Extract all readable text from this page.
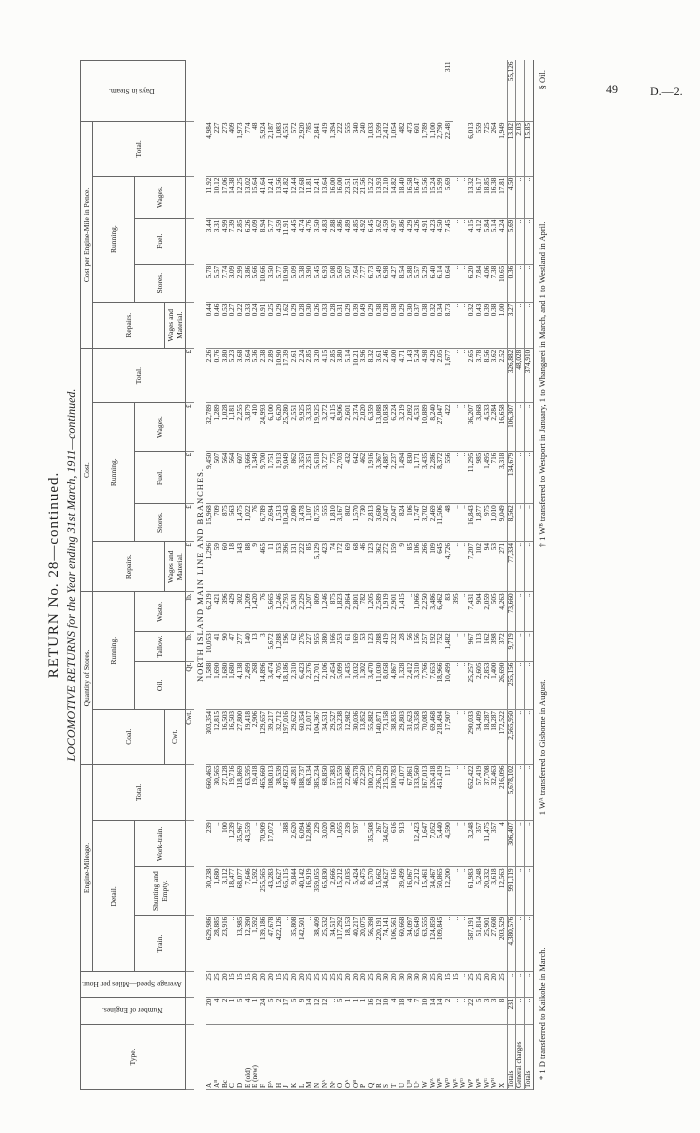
49	D.—2.
RETURN No. 28—continued. LOCOMOTIVE RETURNS for the Year ending 31st March, 1911—continued.
Type.	Number of Engines.	Average Speed—Miles per Hour.	Engine-Mileage.				Quantity of Stores.				Cost.					Cost per Engine-Mile in Pence.					Days in Steam.
			Detail.			Total.	Coal.	Running.			Repairs.	Running.			Total.	Repairs.	Running.			Total.	
			Train.	Shunting and Empty.	Work-train.			Oil.	Tallow.	Waste.		Stores.	Fuel.	Wages.			Stores.	Fuel.	Wages.		
							Cwt.				Wages and Material.					Wages and Material.					
							Cwt.	Qt.	lb.	lb.	£	£	£	£	£						
NORTH ISLAND MAIN LINE AND BRANCHES.																					
A	20	25	629,986	30,238	239	660,463	303,354	1,588	10,053	6,219	1,296	15,968	9,450	32,789	2.26	0.44	5.78	3.44	11.92	4,984	
Aᴮ	4	25	28,885	1,680	..	30,565	12,815	1,690	41	421	59	709	507	1,289	0.76	0.46	5.57	3.31	10.12	227	
Bc	2	20	23,916	3,112	100	27,128	16,503	1,680	90	396	60	875	564	1,028	3.80	0.53	7.74	4.99	17.06	273	
C	1	15	..	18,477	1,239	19,716	16,503	1,680	47	429	18	563	564	1,181	5.23	0.27	3.09	7.39	14.38	409	
D	5	15	13,985	68,077	35,967	118,869	27,800	4,138	277	302	143	1,475	607	2,255	3.68	0.22	2.99	2.85	12.25	1,973	
E (old)	4	15	12,390	7,646	43,559	63,595	19,418	2,499	140	1,209	88	1,022	3,666	3,879	3.64	0.33	3.86	6.26	13.02	774	
E (new)	1	20	1,592	1,592	..	19,418	2,906	268	13	1,420	9	76	1,349	410	5.36	0.24	5.66	4.09	15.64	48	
F	24	20	139,186	255,565	70,909	465,660	129,657	14,896	3	76	465	6,789	9,700	24,993	2.38	0.91	10.66	8.94	41.64	5,924	
Fᴬ	5	20	47,678	43,283	17,072	108,013	39,217	3,474	5,672	5,665	11	2,694	1,751	6,100	2.89	0.25	3.50	5.77	12.41	2,187	
H	2	15	422,126	15,627	..	38,539	32,712	4,705	1,288	1,246	153	1,513	1,913	6,620	10.90	0.29	5.77	4.59	13.56	1,083	
J	17	25	..	65,115	388	497,623	197,016	18,186	196	2,793	396	10,343	9,049	25,280	17.39	1.62	10.90	11.91	41.82	4,551	
K	5	20	35,808	9,844	2,620	48,281	29,622	2,310	62	5,301	131	2,080	862	2,551	2.61	0.29	5.09	4.45	12.44	572	
L	9	20	142,501	40,142	6,094	188,737	60,354	6,423	276	2,229	222	3,478	3,353	9,925	2.24	0.28	5.38	4.74	12.68	2,920	
M	14	25	..	16,919	12,806	68,134	21,017	2,376	227	1,207	85	1,107	2,351	3,333	2.85	0.30	3.90	4.76	11.81	785	
N	12	25	38,409	359,055	229	385,234	104,367	12,701	955	809	5,129	8,755	5,618	19,925	3.20	0.26	5.45	3.50	12.41	2,841	
Nᴬ	12	25	25,532	65,830	3,020	68,850	34,531	2,106	380	1,246	423	555	3,727	3,272	4.15	0.33	6.93	4.83	13.64	419	
Nᶜ	..	25	34,517	2,666	200	57,383	29,527	2,454	166	875	74	1,810	775	4,115	2.85	0.28	5.08	2.88	16.00	1,394	
O	5	25	117,292	15,212	1,055	133,559	53,238	5,099	253	1,823	172	3,167	2,703	8,906	3.80	0.31	5.69	4.86	16.00	222	
Oᴬ	1	20	18,153	2,035	239	22,486	12,982	1,435	61	2,864	69	802	432	2,601	5.14	0.29	5.07	4.89	23.51	555	
Oᴮ	1	20	40,217	5,424	937	46,578	30,036	3,032	169	2,801	68	1,570	642	2,374	10.21	0.39	7.64	4.85	22.51	340	
P	1	20	20,075	8,475	..	22,250	13,852	1,302	53	782	46	730	462	2,020	3.96	0.49	7.77	4.92	21.56	240	
Q	16	25	56,398	8,570	35,508	100,275	55,882	3,470	123	1,205	123	2,813	1,916	6,359	8.32	0.29	6.73	6.45	15.22	1,033	
R	12	20	220,191	15,662	267	236,120	140,871	11,030	288	2,589	362	3,680	3,367	13,088	3.61	0.38	5.49	3.62	13.93	1,599	
S	10	30	74,141	34,627	34,627	215,329	73,158	8,058	419	1,919	272	2,047	4,887	10,858	2.46	0.28	6.98	4.59	12.10	2,412	
T	4	20	106,561	616	616	100,783	38,835	4,867	232	2,901	159	2,047	2,237	6,224	4.00	0.38	4.27	4.97	14.82	1,054	
U	18	30	60,668	39,499	913	41,077	29,803	1,328	28	1,415	9	824	1,494	3,219	4.71	0.29	8.54	4.86	18.40	482	
Uᴮ	4	30	34,097	16,067	..	67,861	31,623	2,412	56	..	85	106	830	2,092	1.43	0.30	5.88	4.29	16.58	473	
Uᶜ	7	30	65,649	2,212	12,423	133,560	33,358	3,310	156	1,066	106	1,747	1,171	4,531	5.24	0.37	5.57	4.26	16.47	601	
W	10	30	63,555	15,461	1,647	167,013	70,083	7,766	257	2,250	266	3,702	3,435	10,889	4.98	0.38	5.29	4.91	15.56	1,789	
Wᴬ	14	25	124,859	34,467	7,052	126,418	69,468	7,653	192	3,486	109	2,469	2,286	8,240	4.29	0.32	6.40	4.23	15.24	1,100	
Wᴮ	14	20	109,845	50,865	5,440	451,419	218,494	18,966	752	6,462	645	11,506	8,372	27,047	2.05	0.34	6.14	4.50	15.99	2,790	
Wᴰ	2	15	..	12,200	4,590	117	17,907	10,499	1,482	83	4,726	48	556	422	1,677	8.73	0.64	7.45	5.69	22.48	311
Wᴱ	..	15	..	..	..	..	..	..	..	395	..	..	..	..	..	..	..	..	..		
Wᴼ	..	..	..	..	..	..	..	..	..	..	..	..	..	..	..	..	..	..	..		
Wᴾ	22	25	587,191	61,983	3,248	652,422	290,033	25,257	967	7,431	7,207	16,843	11,295	36,207	2.65	0.32	6.20	4.15	13.32	6,013	
Wᴿ	5	25	51,814	5,248	357	57,419	34,409	2,605	113	904	102	1,877	985	3,868	3.78	0.43	7.84	4.12	16.17	559	
Wᴳ	3	20	25,901	20,332	11,475	37,708	18,287	2,853	162	2,059	94	975	1,495	4,533	8.56	0.39	4.06	5.84	18.85	725	
Wᴴ	3	20	27,608	3,618	357	32,463	18,287	1,400	398	505	53	1,010	716	2,284	3.62	0.38	7.38	5.14	16.38	264	
X	8	25	203,529	12,563	4	216,096	172,522	26,690	372	4,263	271	9,049	3,318	16,658	2.52	1.00	10.65	4.24	17.81	1,949	
Totals	231	..	4,380,576	991,119	306,407	5,678,102	2,565,950	255,156	9,719	73,660	77,334	8,562	134,679	106,307	326,882	3.27	0.36	5.69	4.50	13.82	55,126
General charges	..	..	..	..	..	..	..	..	..	..	..	..	..	..	48,028	..	..	..	..	2.03	
Totals	..	..	..	..	..	..	..	..	..	..	..	..	..	..	374,910	..	..	..	..	15.85	
* 1 D transferred to Kaikohe in March.
1 Wᴬ transferred to Gisborne in August.
† 1 Wᴮ transferred to Westport in January, 1 to Whangarei in March, and 1 to Westland in April.
§ Oil.
